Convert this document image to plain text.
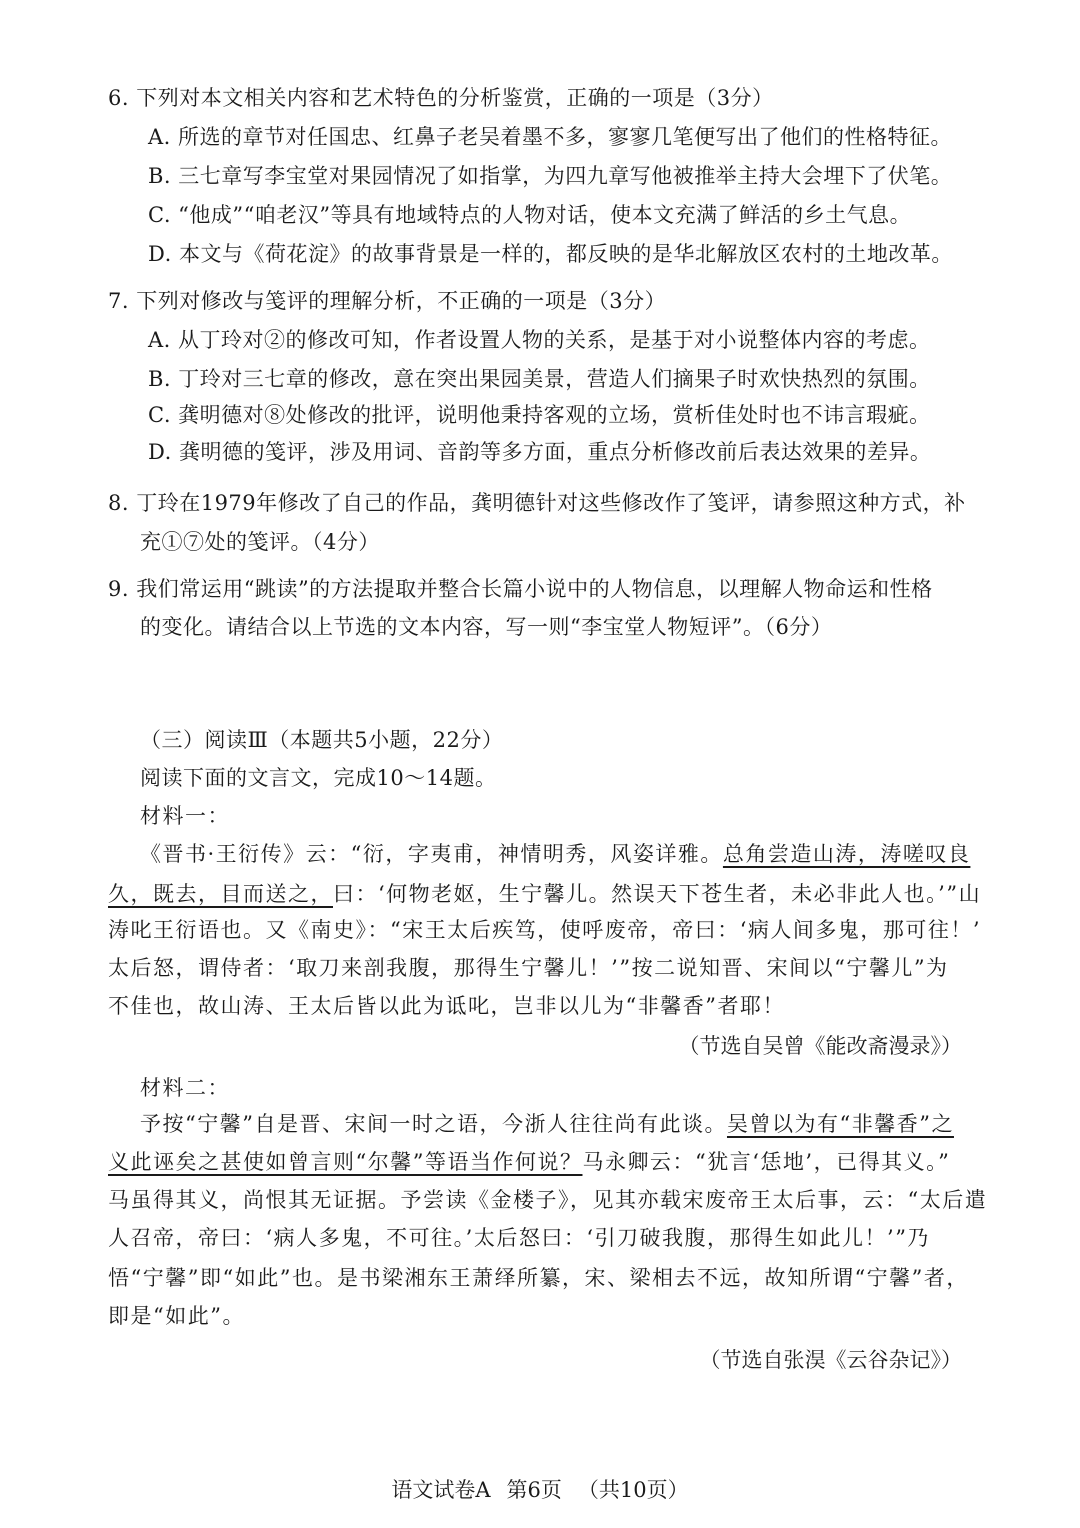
6. 下列对本文相关内容和艺术特色的分析鉴赏，正确的一项是（3分）
A. 所选的章节对任国忠、红鼻子老吴着墨不多，寥寥几笔便写出了他们的性格特征。
B. 三七章写李宝堂对果园情况了如指掌，为四九章写他被推举主持大会埋下了伏笔。
C. “他成”“咱老汉”等具有地域特点的人物对话，使本文充满了鲜活的乡土气息。
D. 本文与《荷花淀》的故事背景是一样的，都反映的是华北解放区农村的土地改革。
7. 下列对修改与笺评的理解分析，不正确的一项是（3分）
A. 从丁玲对②的修改可知，作者设置人物的关系，是基于对小说整体内容的考虑。
B. 丁玲对三七章的修改，意在突出果园美景，营造人们摘果子时欢快热烈的氛围。
C. 龚明德对⑧处修改的批评，说明他秉持客观的立场，赏析佳处时也不讳言瑕疵。
D. 龚明德的笺评，涉及用词、音韵等多方面，重点分析修改前后表达效果的差异。
8. 丁玲在1979年修改了自己的作品，龚明德针对这些修改作了笺评，请参照这种方式，补
充①⑦处的笺评。（4分）
9. 我们常运用“跳读”的方法提取并整合长篇小说中的人物信息，以理解人物命运和性格
的变化。请结合以上节选的文本内容，写一则“李宝堂人物短评”。（6分）
（三）阅读Ⅲ（本题共5小题，22分）
阅读下面的文言文，完成10～14题。
材料一：
《晋书·王衍传》云：“衍，字夷甫，神情明秀，风姿详雅。总角尝造山涛，涛嗟叹良
久，既去，目而送之，曰：‘何物老妪，生宁馨儿。然误天下苍生者，未必非此人也。’”山
涛叱王衍语也。又《南史》：“宋王太后疾笃，使呼废帝，帝曰：‘病人间多鬼，那可往！’
太后怒，谓侍者：‘取刀来剖我腹，那得生宁馨儿！’”按二说知晋、宋间以“宁馨儿”为
不佳也，故山涛、王太后皆以此为诋叱，岂非以儿为“非馨香”者耶！
（节选自吴曾《能改斋漫录》）
材料二：
予按“宁馨”自是晋、宋间一时之语，今浙人往往尚有此谈。吴曾以为有“非馨香”之
义此诬矣之甚使如曾言则“尔馨”等语当作何说？马永卿云：“犹言‘恁地’，已得其义。”
马虽得其义，尚恨其无证据。予尝读《金楼子》，见其亦载宋废帝王太后事，云：“太后遣
人召帝，帝曰：‘病人多鬼，不可往。’太后怒曰：‘引刀破我腹，那得生如此儿！’”乃
悟“宁馨”即“如此”也。是书梁湘东王萧绎所纂，宋、梁相去不远，故知所谓“宁馨”者，
即是“如此”。
（节选自张淏《云谷杂记》）
语文试卷A 第6页 （共10页）
